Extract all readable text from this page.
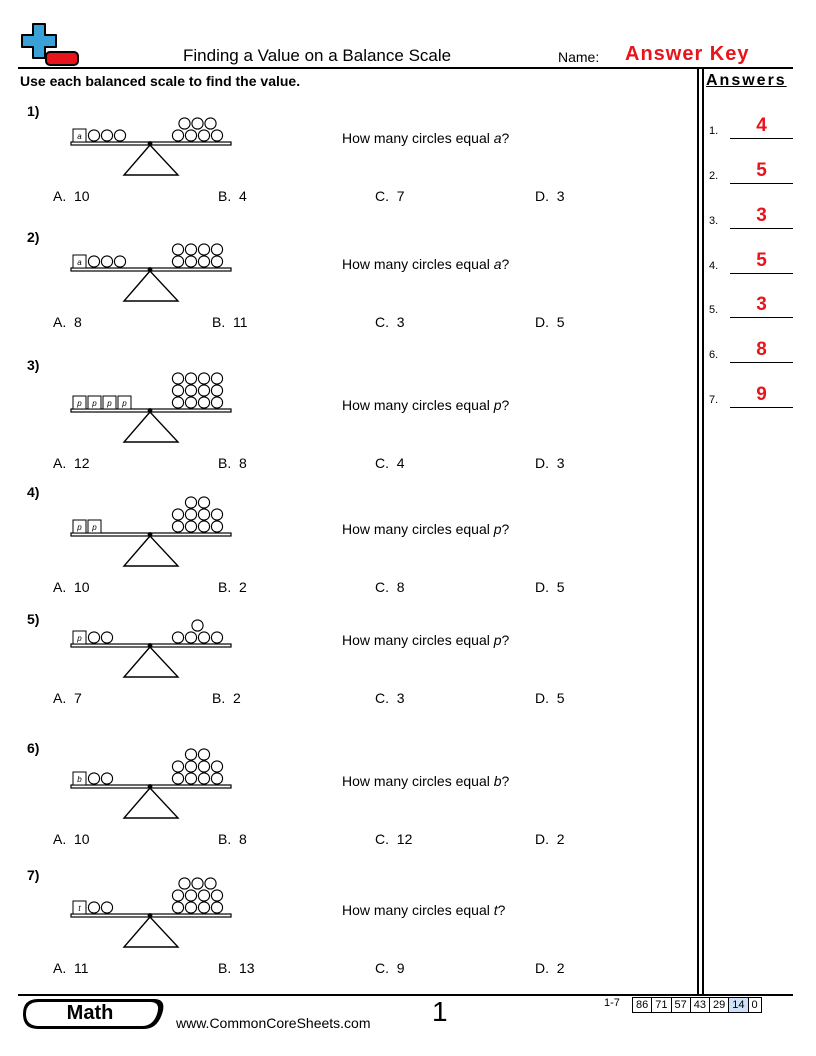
Finding a Value on a Balance Scale	Name: Answer Key
Use each balanced scale to find the value.	Answers
1.	4
2.	5
3.	3
4.	5
5.	3
6.	8
7.	9
1)
a	How many circles equal a?
A. 10	B. 4	C. 7	D. 3
2)
a	How many circles equal a?
A. 8	B. 11	C. 3	D. 5
3)
p p p p	How many circles equal p?
A. 12	B. 8	C. 4	D. 3
4)
p p	How many circles equal p?
A. 10	B. 2	C. 8	D. 5
5)
p	How many circles equal p?
A. 7	B. 2	C. 3	D. 5
6)
b	How many circles equal b?
A. 10	B. 8	C. 12	D. 2
7)
t	How many circles equal t?
A. 11	B. 13	C. 9	D. 2
Math	www.CommonCoreSheets.com 1	1-7 86	71	57	43	29	14	0
